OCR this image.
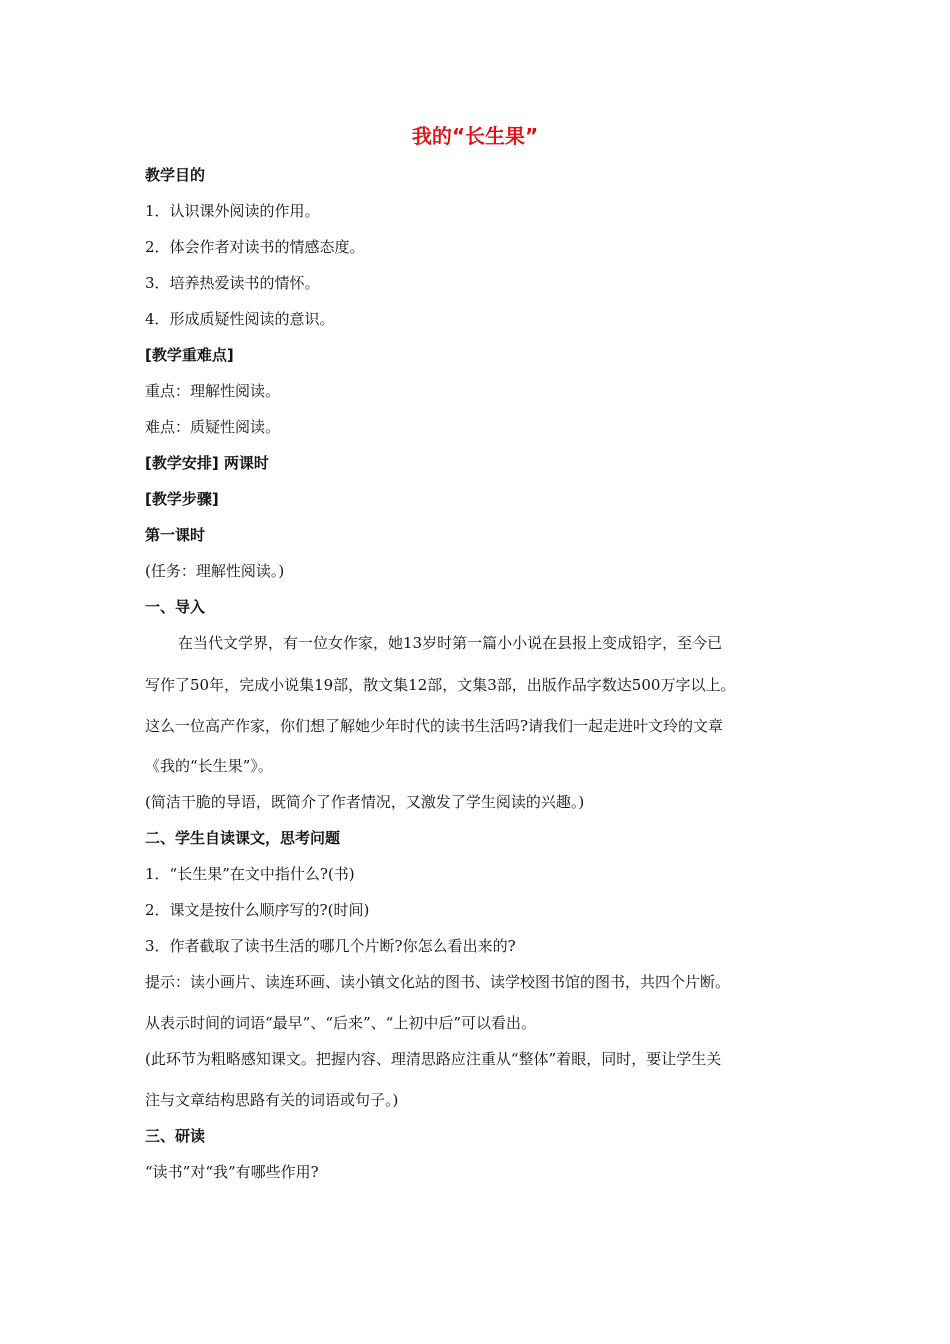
我的“长生果”
教学目的
1．认识课外阅读的作用。
2．体会作者对读书的情感态度。
3．培养热爱读书的情怀。
4．形成质疑性阅读的意识。
[教学重难点]
重点：理解性阅读。
难点：质疑性阅读。
[教学安排] 两课时
[教学步骤]
第一课时
(任务：理解性阅读。)
一、导入
在当代文学界，有一位女作家，她13岁时第一篇小小说在县报上变成铅字，至今已
写作了50年，完成小说集19部，散文集12部，文集3部，出版作品字数达500万字以上。
这么一位高产作家，你们想了解她少年时代的读书生活吗?请我们一起走进叶文玲的文章
《我的“长生果”》。
(简洁干脆的导语，既简介了作者情况，又激发了学生阅读的兴趣。)
二、学生自读课文，思考问题
1．“长生果”在文中指什么?(书)
2．课文是按什么顺序写的?(时间)
3．作者截取了读书生活的哪几个片断?你怎么看出来的?
提示：读小画片、读连环画、读小镇文化站的图书、读学校图书馆的图书，共四个片断。
从表示时间的词语“最早”、“后来”、“上初中后”可以看出。
(此环节为粗略感知课文。把握内容、理清思路应注重从“整体”着眼，同时，要让学生关
注与文章结构思路有关的词语或句子。)
三、研读
“读书”对“我”有哪些作用?
